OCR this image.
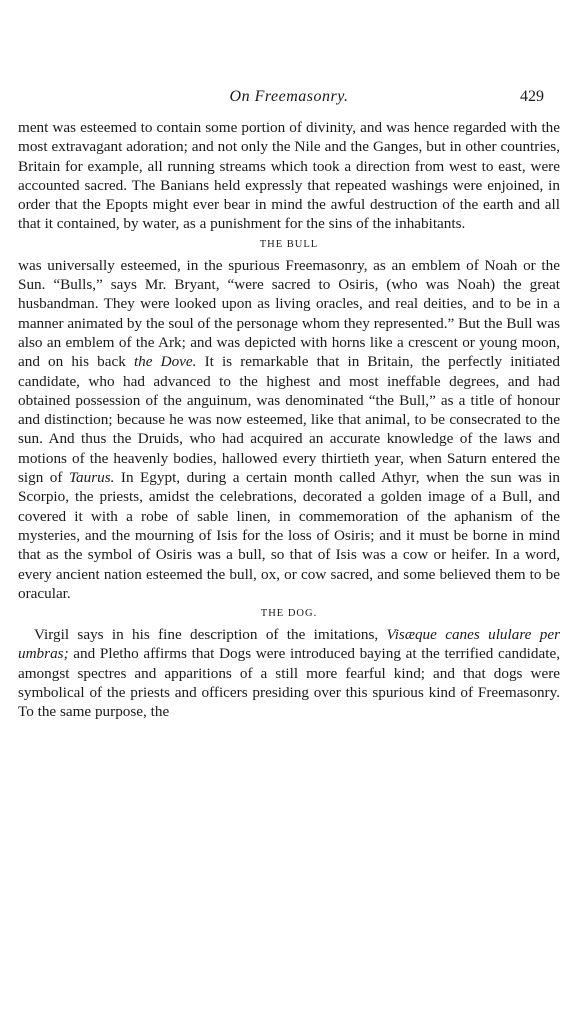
On Freemasonry.	429

ment was esteemed to contain some portion of divinity, and was hence regarded with the most extravagant adoration; and not only the Nile and the Ganges, but in other countries, Britain for example, all running streams which took a direction from west to east, were accounted sacred. The Banians held expressly that repeated washings were enjoined, in order that the Epopts might ever bear in mind the awful destruction of the earth and all that it contained, by water, as a punishment for the sins of the inhabitants.

THE BULL

was universally esteemed, in the spurious Freemasonry, as an emblem of Noah or the Sun. “Bulls,” says Mr. Bryant, “were sacred to Osiris, (who was Noah) the great husbandman. They were looked upon as living oracles, and real deities, and to be in a manner animated by the soul of the personage whom they represented.” But the Bull was also an emblem of the Ark; and was depicted with horns like a crescent or young moon, and on his back the Dove. It is remarkable that in Britain, the perfectly initiated candidate, who had advanced to the highest and most ineffable degrees, and had obtained possession of the anguinum, was denominated “the Bull,” as a title of honour and distinction; because he was now esteemed, like that animal, to be consecrated to the sun. And thus the Druids, who had acquired an accurate knowledge of the laws and motions of the heavenly bodies, hallowed every thirtieth year, when Saturn entered the sign of Taurus. In Egypt, during a certain month called Athyr, when the sun was in Scorpio, the priests, amidst the celebrations, decorated a golden image of a Bull, and covered it with a robe of sable linen, in commemoration of the aphanism of the mysteries, and the mourning of Isis for the loss of Osiris; and it must be borne in mind that as the symbol of Osiris was a bull, so that of Isis was a cow or heifer. In a word, every ancient nation esteemed the bull, ox, or cow sacred, and some believed them to be oracular.

THE DOG.

Virgil says in his fine description of the imitations, Visæque canes ululare per umbras; and Pletho affirms that Dogs were introduced baying at the terrified candidate, amongst spectres and apparitions of a still more fearful kind; and that dogs were symbolical of the priests and officers presiding over this spurious kind of Freemasonry. To the same purpose, the
